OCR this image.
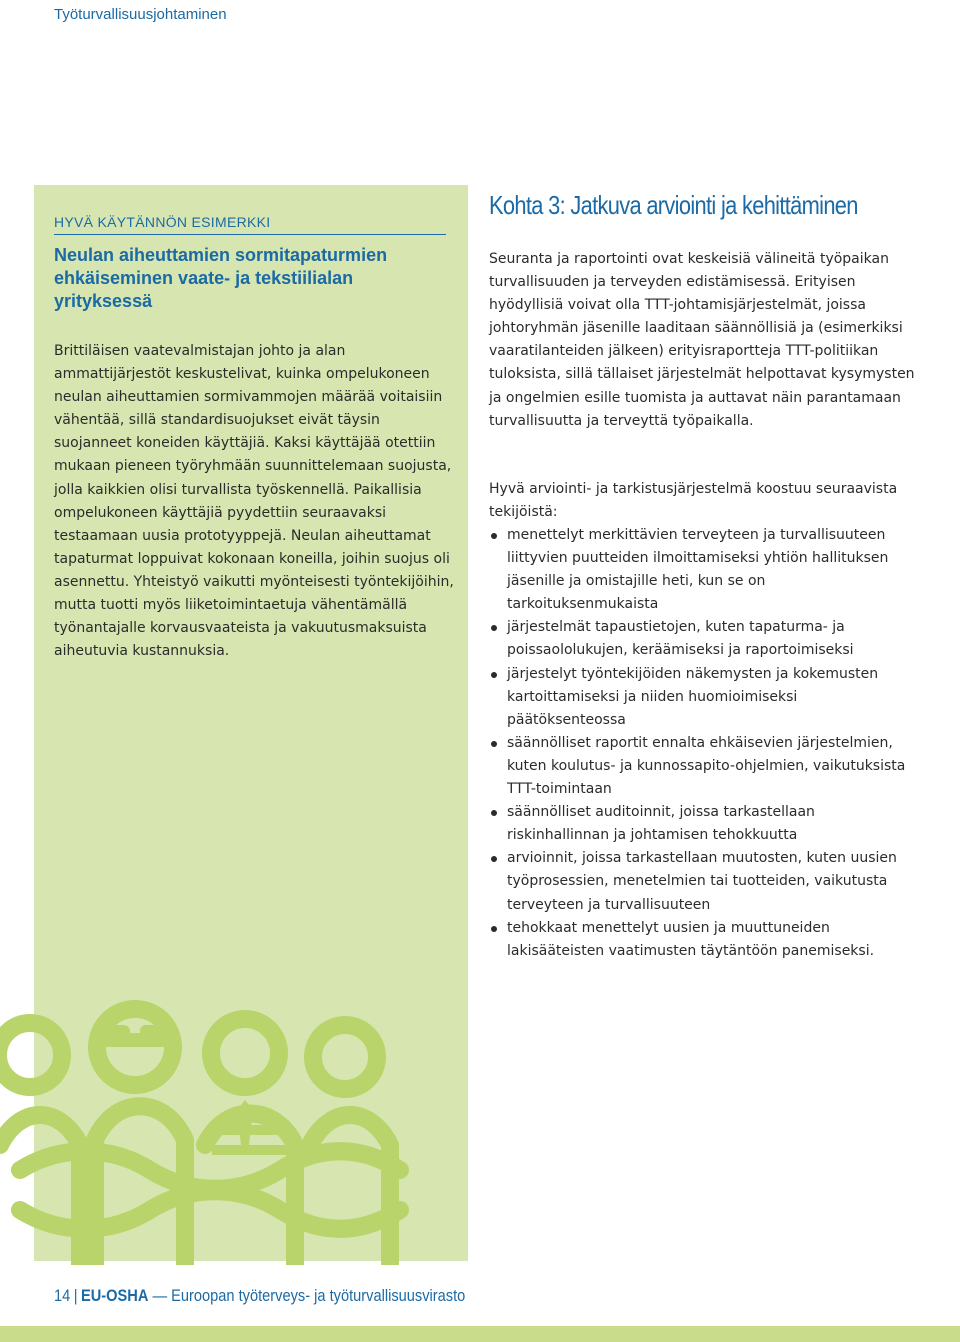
Työturvallisuusjohtaminen
HYVÄ KÄYTÄNNÖN ESIMERKKI
Neulan aiheuttamien sormitapaturmien ehkäiseminen vaate- ja tekstiilialan yrityksessä

Brittiläisen vaatevalmistajan johto ja alan ammattijärjestöt keskustelivat, kuinka ompelukoneen neulan aiheuttamien sormivammojen määrää voitaisiin vähentää, sillä standardisuojukset eivät täysin suojanneet koneiden käyttäjiä. Kaksi käyttäjää otettiin mukaan pieneen työryhmään suunnittelemaan suojusta, jolla kaikkien olisi turvallista työskennellä. Paikallisia ompelukoneen käyttäjiä pyydettiin seuraavaksi testaamaan uusia prototyyppejä. Neulan aiheuttamat tapaturmat loppuivat kokonaan koneilla, joihin suojus oli asennettu. Yhteistyö vaikutti myönteisesti työntekijöihin, mutta tuotti myös liiketoimintaetuja vähentämällä työnantajalle korvausvaateista ja vakuutusmaksuista aiheutuvia kustannuksia.

Kohta 3: Jatkuva arviointi ja kehittäminen

Seuranta ja raportointi ovat keskeisiä välineitä työpaikan turvallisuuden ja terveyden edistämisessä. Erityisen hyödyllisiä voivat olla TTT-johtamisjärjestelmät, joissa johtoryhmän jäsenille laaditaan säännöllisiä ja (esimerkiksi vaaratilanteiden jälkeen) erityisraportteja TTT-politiikan tuloksista, sillä tällaiset järjestelmät helpottavat kysymysten ja ongelmien esille tuomista ja auttavat näin parantamaan turvallisuutta ja terveyttä työpaikalla.

Hyvä arviointi- ja tarkistusjärjestelmä koostuu seuraavista tekijöistä:

menettelyt merkittävien terveyteen ja turvallisuuteen liittyvien puutteiden ilmoittamiseksi yhtiön hallituksen jäsenille ja omistajille heti, kun se on tarkoituksenmukaista
järjestelmät tapaustietojen, kuten tapaturma- ja poissaololukujen, keräämiseksi ja raportoimiseksi
järjestelyt työntekijöiden näkemysten ja kokemusten kartoittamiseksi ja niiden huomioimiseksi päätöksenteossa
säännölliset raportit ennalta ehkäisevien järjestelmien, kuten koulutus- ja kunnossapito-ohjelmien, vaikutuksista TTT-toimintaan
säännölliset auditoinnit, joissa tarkastellaan riskinhallinnan ja johtamisen tehokkuutta
arvioinnit, joissa tarkastellaan muutosten, kuten uusien työprosessien, menetelmien tai tuotteiden, vaikutusta terveyteen ja turvallisuuteen
tehokkaat menettelyt uusien ja muuttuneiden lakisääteisten vaatimusten täytäntöön panemiseksi.
14 | EU-OSHA — Euroopan työterveys- ja työturvallisuusvirasto
